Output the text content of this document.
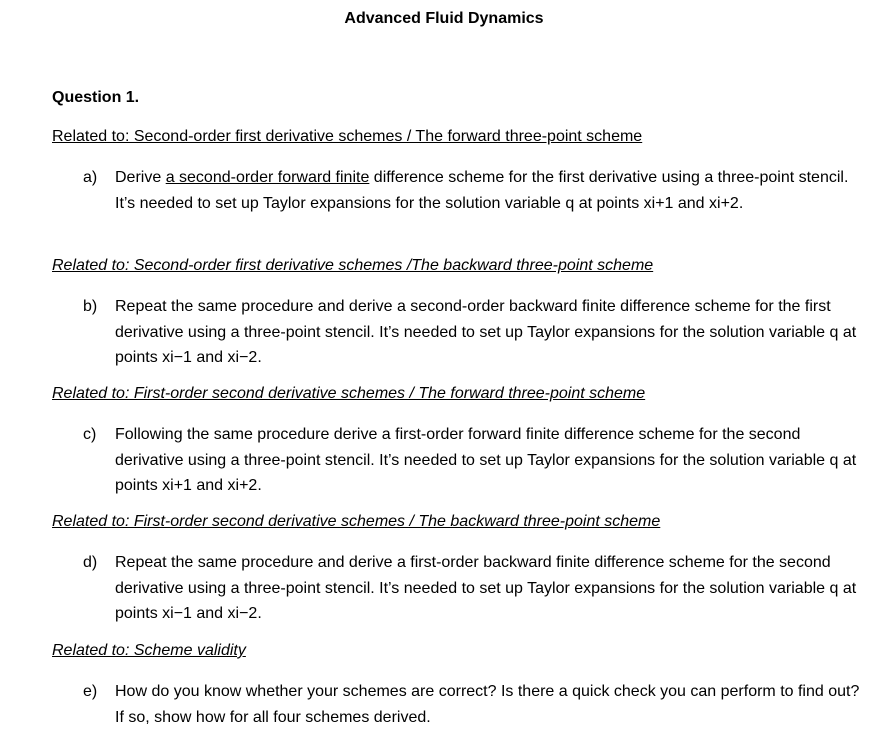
Advanced Fluid Dynamics
Question 1.
Related to: Second-order first derivative schemes / The forward three-point scheme
a)	Derive a second-order forward finite difference scheme for the first derivative using a three-point stencil. It’s needed to set up Taylor expansions for the solution variable q at points xi+1 and xi+2.
Related to: Second-order first derivative schemes /The backward three-point scheme
b)	Repeat the same procedure and derive a second-order backward finite difference scheme for the first derivative using a three-point stencil. It’s needed to set up Taylor expansions for the solution variable q at points xi−1 and xi−2.
Related to: First-order second derivative schemes / The forward three-point scheme
c)	Following the same procedure derive a first-order forward finite difference scheme for the second derivative using a three-point stencil. It’s needed to set up Taylor expansions for the solution variable q at points xi+1 and xi+2.
Related to: First-order second derivative schemes / The backward three-point scheme
d)	Repeat the same procedure and derive a first-order backward finite difference scheme for the second derivative using a three-point stencil. It’s needed to set up Taylor expansions for the solution variable q at points xi−1 and xi−2.
Related to: Scheme validity
e)	How do you know whether your schemes are correct? Is there a quick check you can perform to find out? If so, show how for all four schemes derived.
